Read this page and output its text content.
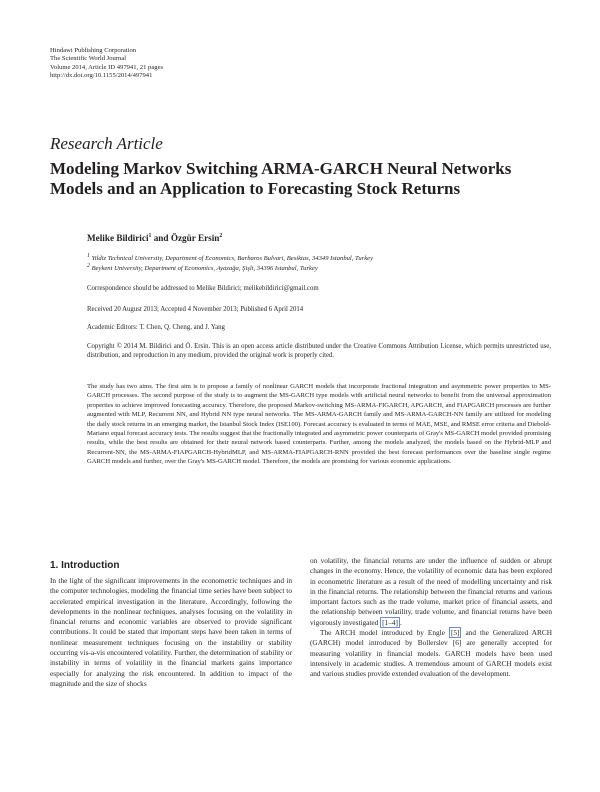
Hindawi Publishing Corporation
The Scientific World Journal
Volume 2014, Article ID 497941, 21 pages
http://dx.doi.org/10.1155/2014/497941
Research Article
Modeling Markov Switching ARMA-GARCH Neural Networks
Models and an Application to Forecasting Stock Returns
Melike Bildirici$^1$ and Özgür Ersin$^2$
$^1$ Yildiz Technical University, Department of Economics, Barbaros Bulvari, Besiktas, 34349 Istanbul, Turkey
$^2$ Beykent University, Department of Economics, Ayazağa, Şişli, 34396 Istanbul, Turkey
Correspondence should be addressed to Melike Bildirici; melikebildirici@gmail.com
Received 20 August 2013; Accepted 4 November 2013; Published 6 April 2014
Academic Editors: T. Chen, Q. Cheng, and J. Yang
Copyright © 2014 M. Bildirici and Ö. Ersin. This is an open access article distributed under the Creative Commons Attribution License, which permits unrestricted use, distribution, and reproduction in any medium, provided the original work is properly cited.
The study has two aims. The first aim is to propose a family of nonlinear GARCH models that incorporate fractional integration and asymmetric power properties to MS-GARCH processes. The second purpose of the study is to augment the MS-GARCH type models with artificial neural networks to benefit from the universal approximation properties to achieve improved forecasting accuracy. Therefore, the proposed Markov-switching MS-ARMA-FIGARCH, APGARCH, and FIAPGARCH processes are further augmented with MLP, Recurrent NN, and Hybrid NN type neural networks. The MS-ARMA-GARCH family and MS-ARMA-GARCH-NN family are utilized for modeling the daily stock returns in an emerging market, the Istanbul Stock Index (ISE100). Forecast accuracy is evaluated in terms of MAE, MSE, and RMSE error criteria and Diebold-Mariano equal forecast accuracy tests. The results suggest that the fractionally integrated and asymmetric power counterparts of Gray's MS-GARCH model provided promising results, while the best results are obtained for their neural network based counterparts. Further, among the models analyzed, the models based on the Hybrid-MLP and Recurrent-NN, the MS-ARMA-FIAPGARCH-HybridMLP, and MS-ARMA-FIAPGARCH-RNN provided the best forecast performances over the baseline single regime GARCH models and further, over the Gray's MS-GARCH model. Therefore, the models are promising for various economic applications.
1. Introduction

In the light of the significant improvements in the econometric techniques and in the computer technologies, modeling the financial time series have been subject to accelerated empirical investigation in the literature. Accordingly, following the developments in the nonlinear techniques, analyses focusing on the volatility in financial returns and economic variables are observed to provide significant contributions. It could be stated that important steps have been taken in terms of nonlinear measurement techniques focusing on the instability or stability occurring vis-a-vis encountered volatility. Further, the determination of stability or instability in terms of volatility in the financial markets gains importance especially for analyzing the risk encountered. In addition to impact of the magnitude and the size of shocks

on volatility, the financial returns are under the influence of sudden or abrupt changes in the economy. Hence, the volatility of economic data has been explored in econometric literature as a result of the need of modelling uncertainty and risk in the financial returns. The relationship between the financial returns and various important factors such as the trade volume, market price of financial assets, and the relationship between volatility, trade volume, and financial returns have been vigorously investigated [1–4] .

The ARCH model introduced by Engle [5] and the Generalized ARCH (GARCH) model introduced by Bollerslev [6] are generally accepted for measuring volatility in financial models. GARCH models have been used intensively in academic studies. A tremendous amount of GARCH models exist and various studies provide extended evaluation of the development.
